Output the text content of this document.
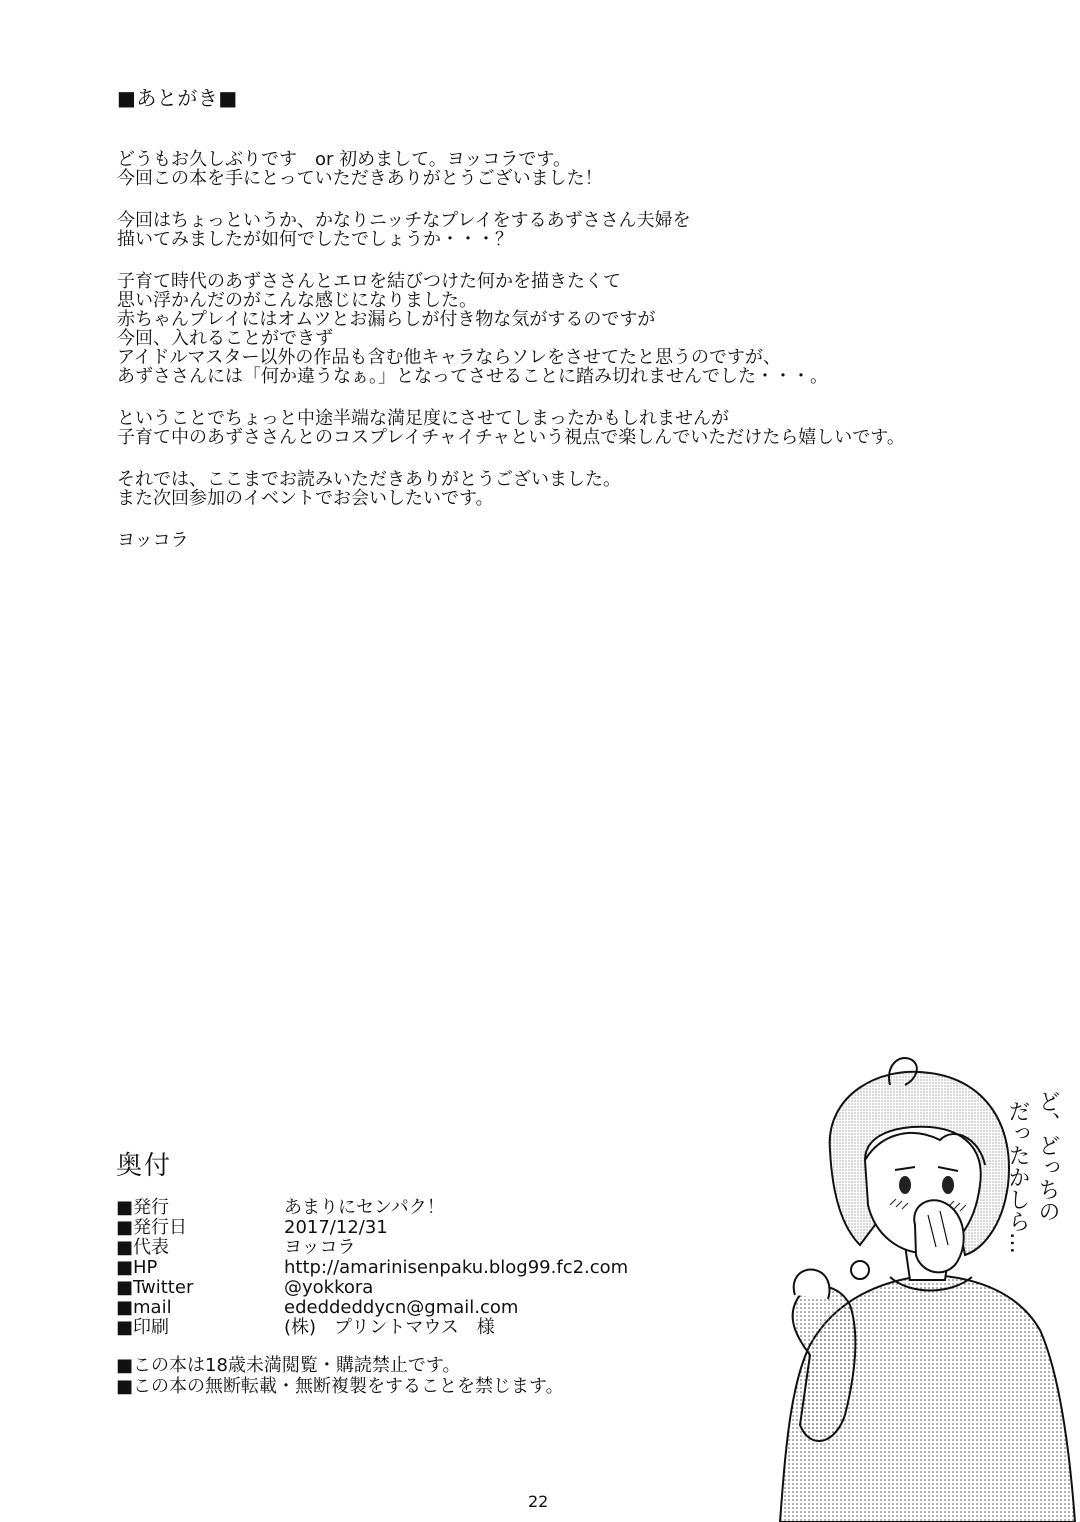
■ あとがき■

どうもお久しぶりです　or 初めまして。ヨッコラです。
今回この本を手にとっていただきありがとうございました！

今回はちょっというか、かなりニッチなプレイをするあずささん夫婦を
描いてみましたが如何でしたでしょうか・・・？

子育て時代のあずささんとエロを結びつけた何かを描きたくて
思い浮かんだのがこんな感じになりました。
赤ちゃんプレイにはオムツとお漏らしが付き物な気がするのですが
今回、入れることができず
アイドルマスター以外の作品も含む他キャラならソレをさせてたと思うのですが、
あずささんには「何か違うなぁ。」となってさせることに踏み切れませんでした・・・。

ということでちょっと中途半端な満足度にさせてしまったかもしれませんが
子育て中のあずささんとのコスプレイチャイチャという視点で楽しんでいただけたら嬉しいです。

それでは、ここまでお読みいただきありがとうございました。
また次回参加のイベントでお会いしたいです。

ヨッコラ

奥付
■ 発行	あまりにセンパク！
■ 発行日	2017/12/31
■ 代表	ヨッコラ
■ HP	http://amarinisenpaku.blog99.fc2.com
■ Twitter	@yokkora
■ mail	ededdeddycn@gmail.com
■ 印刷	(株)　プリントマウス　様
■ この本は18歳未満閲覧・購読禁止です。
■ この本の無断転載・無断複製をすることを禁じます。
ど、どっちの
だったかしら…
22
